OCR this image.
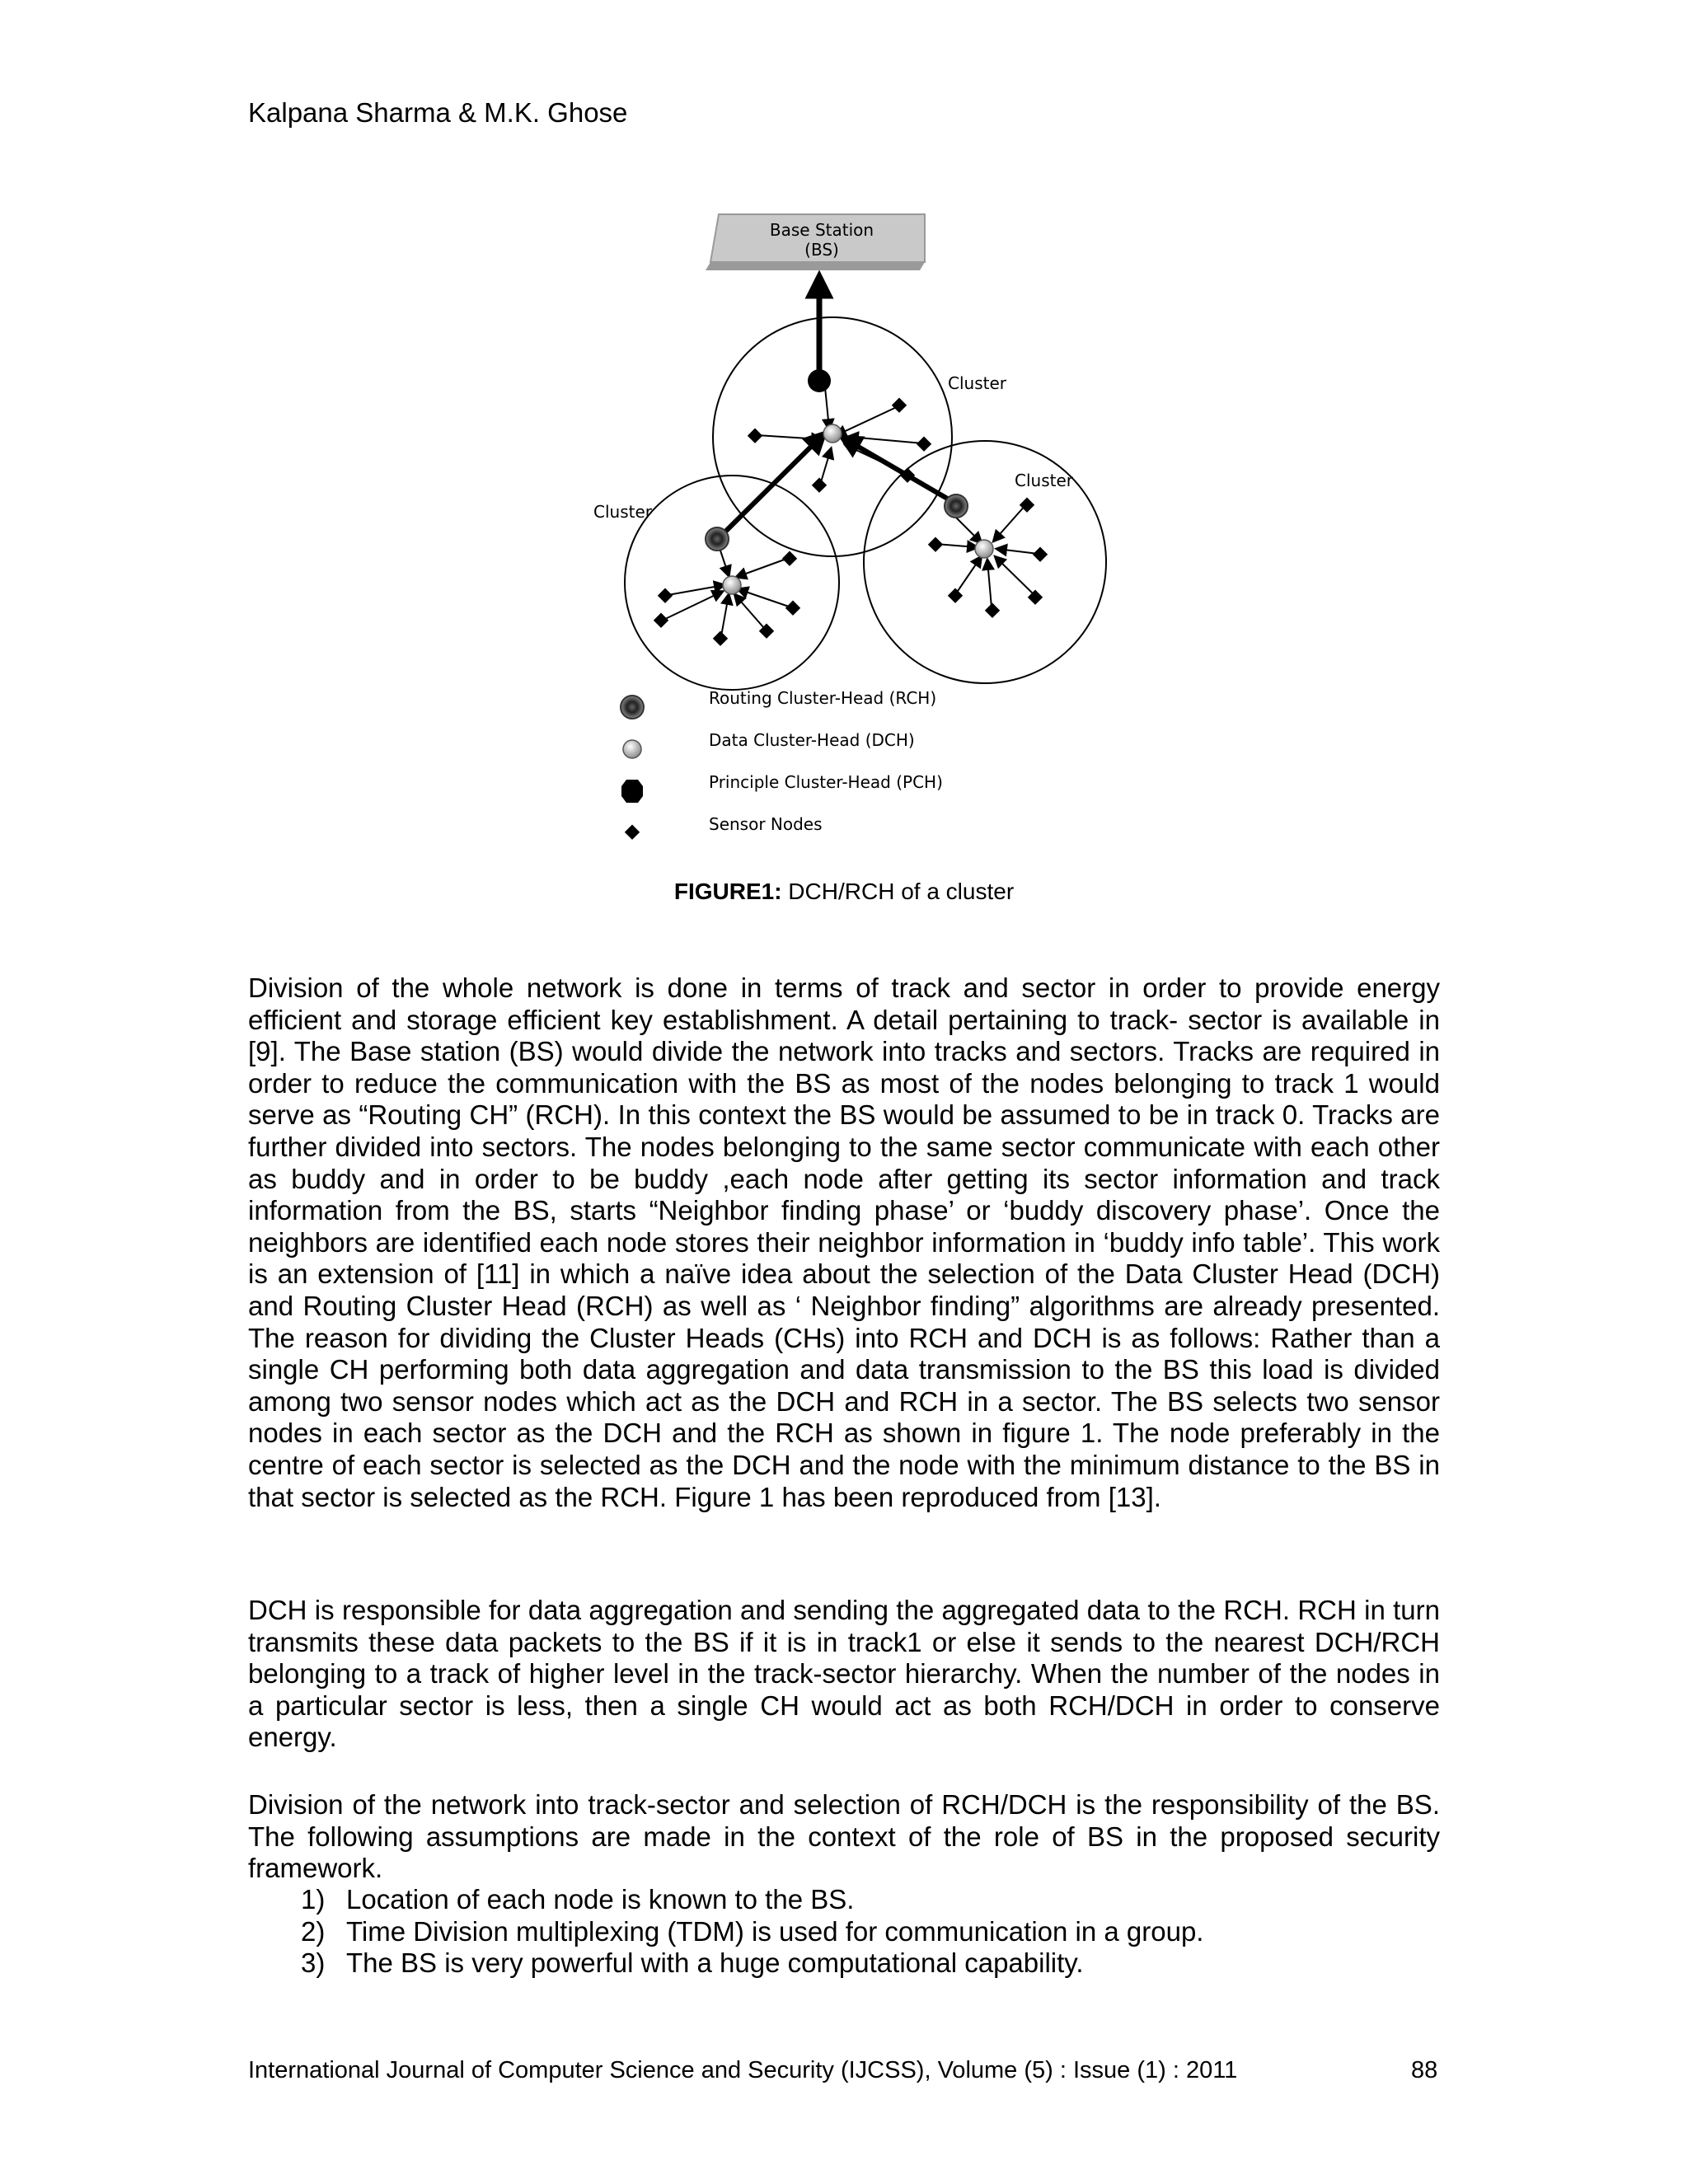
Kalpana Sharma & M.K. Ghose
Base Station
(BS)
Cluster
Cluster
Cluster
Routing Cluster-Head (RCH)
Data Cluster-Head (DCH)
Principle Cluster-Head (PCH)
Sensor Nodes
FIGURE1: DCH/RCH of a cluster
Division of the whole network is done in terms of track and sector in order to provide energy efficient and storage efficient key establishment. A detail pertaining to track- sector is available in [9]. The Base station (BS) would divide the network into tracks and sectors. Tracks are required in order to reduce the communication with the BS as most of the nodes belonging to track 1 would serve as “Routing CH” (RCH). In this context the BS would be assumed to be in track 0. Tracks are further divided into sectors. The nodes belonging to the same sector communicate with each other as buddy and in order to be buddy ,each node after getting its sector information and track information from the BS, starts “Neighbor finding phase’ or ‘buddy discovery phase’. Once the neighbors are identified each node stores their neighbor information in ‘buddy info table’. This work is an extension of [11] in which a naïve idea about the selection of the Data Cluster Head (DCH) and Routing Cluster Head (RCH) as well as ‘ Neighbor finding” algorithms are already presented. The reason for dividing the Cluster Heads (CHs) into RCH and DCH is as follows: Rather than a single CH performing both data aggregation and data transmission to the BS this load is divided among two sensor nodes which act as the DCH and RCH in a sector. The BS selects two sensor nodes in each sector as the DCH and the RCH as shown in figure 1. The node preferably in the centre of each sector is selected as the DCH and the node with the minimum distance to the BS in that sector is selected as the RCH. Figure 1 has been reproduced from [13].
DCH is responsible for data aggregation and sending the aggregated data to the RCH. RCH in turn transmits these data packets to the BS if it is in track1 or else it sends to the nearest DCH/RCH belonging to a track of higher level in the track-sector hierarchy. When the number of the nodes in a particular sector is less, then a single CH would act as both RCH/DCH in order to conserve energy.
Division of the network into track-sector and selection of RCH/DCH is the responsibility of the BS. The following assumptions are made in the context of the role of BS in the proposed security framework.
1) Location of each node is known to the BS.
2) Time Division multiplexing (TDM) is used for communication in a group.
3) The BS is very powerful with a huge computational capability.
International Journal of Computer Science and Security (IJCSS), Volume (5) : Issue (1) : 2011	88
